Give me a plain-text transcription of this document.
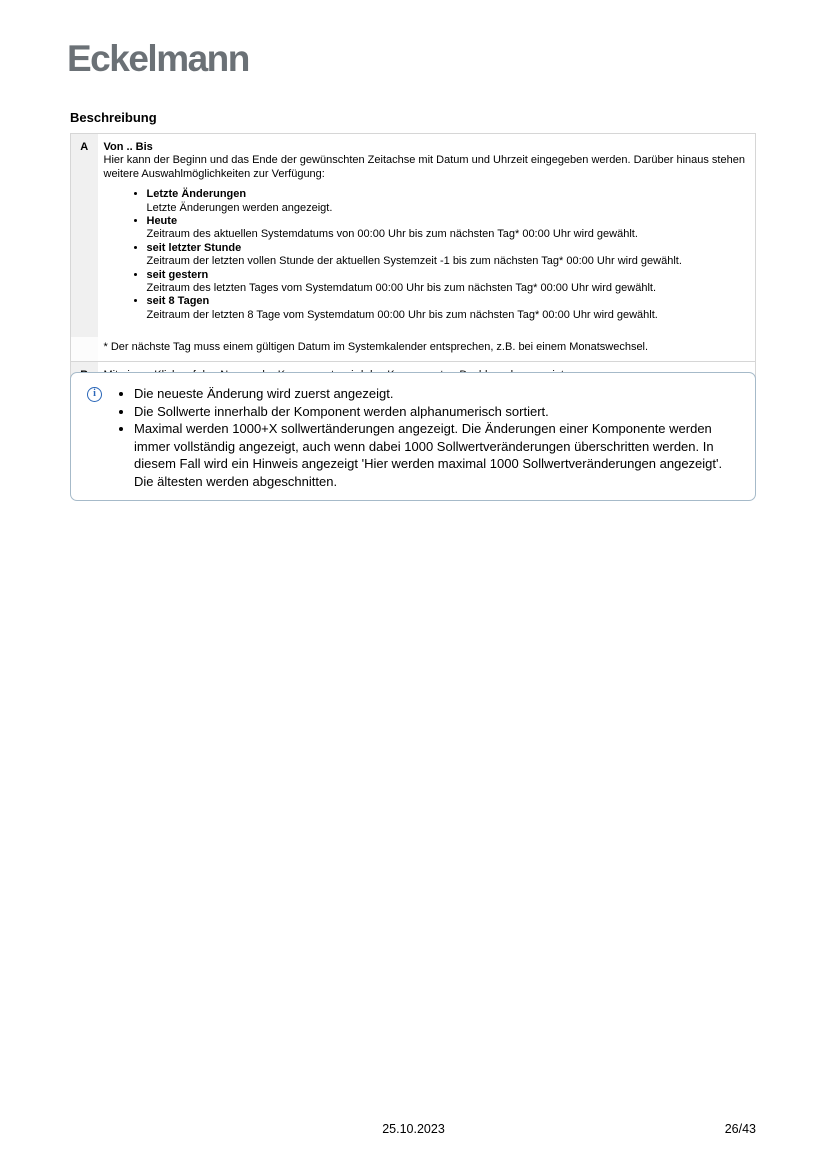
Eckelmann
Beschreibung
A	Von .. Bis
Hier kann der Beginn und das Ende der gewünschten Zeitachse mit Datum und Uhrzeit eingegeben werden. Darüber hinaus stehen weitere Auswahlmöglichkeiten zur Verfügung:
• Letzte Änderungen
Letzte Änderungen werden angezeigt.
• Heute
Zeitraum des aktuellen Systemdatums von 00:00 Uhr bis zum nächsten Tag* 00:00 Uhr wird gewählt.
• seit letzter Stunde
Zeitraum der letzten vollen Stunde der aktuellen Systemzeit -1 bis zum nächsten Tag* 00:00 Uhr wird gewählt.
• seit gestern
Zeitraum des letzten Tages vom Systemdatum 00:00 Uhr bis zum nächsten Tag* 00:00 Uhr wird gewählt.
• seit 8 Tagen
Zeitraum der letzten 8 Tage vom Systemdatum 00:00 Uhr bis zum nächsten Tag* 00:00 Uhr wird gewählt.

	* Der nächste Tag muss einem gültigen Datum im Systemkalender entsprechen, z.B. bei einem Monatswechsel.

i
• Die neueste Änderung wird zuerst angezeigt.
• Die Sollwerte innerhalb der Komponent werden alphanumerisch sortiert.
• Maximal werden 1000+X sollwertänderungen angezeigt. Die Änderungen einer Komponente werden immer vollständig angezeigt, auch wenn dabei 1000 Sollwertveränderungen überschritten werden. In diesem Fall wird ein Hinweis angezeigt 'Hier werden maximal 1000 Sollwertveränderungen angezeigt'. Die ältesten werden abgeschnitten.
25.10.2023	26/43
